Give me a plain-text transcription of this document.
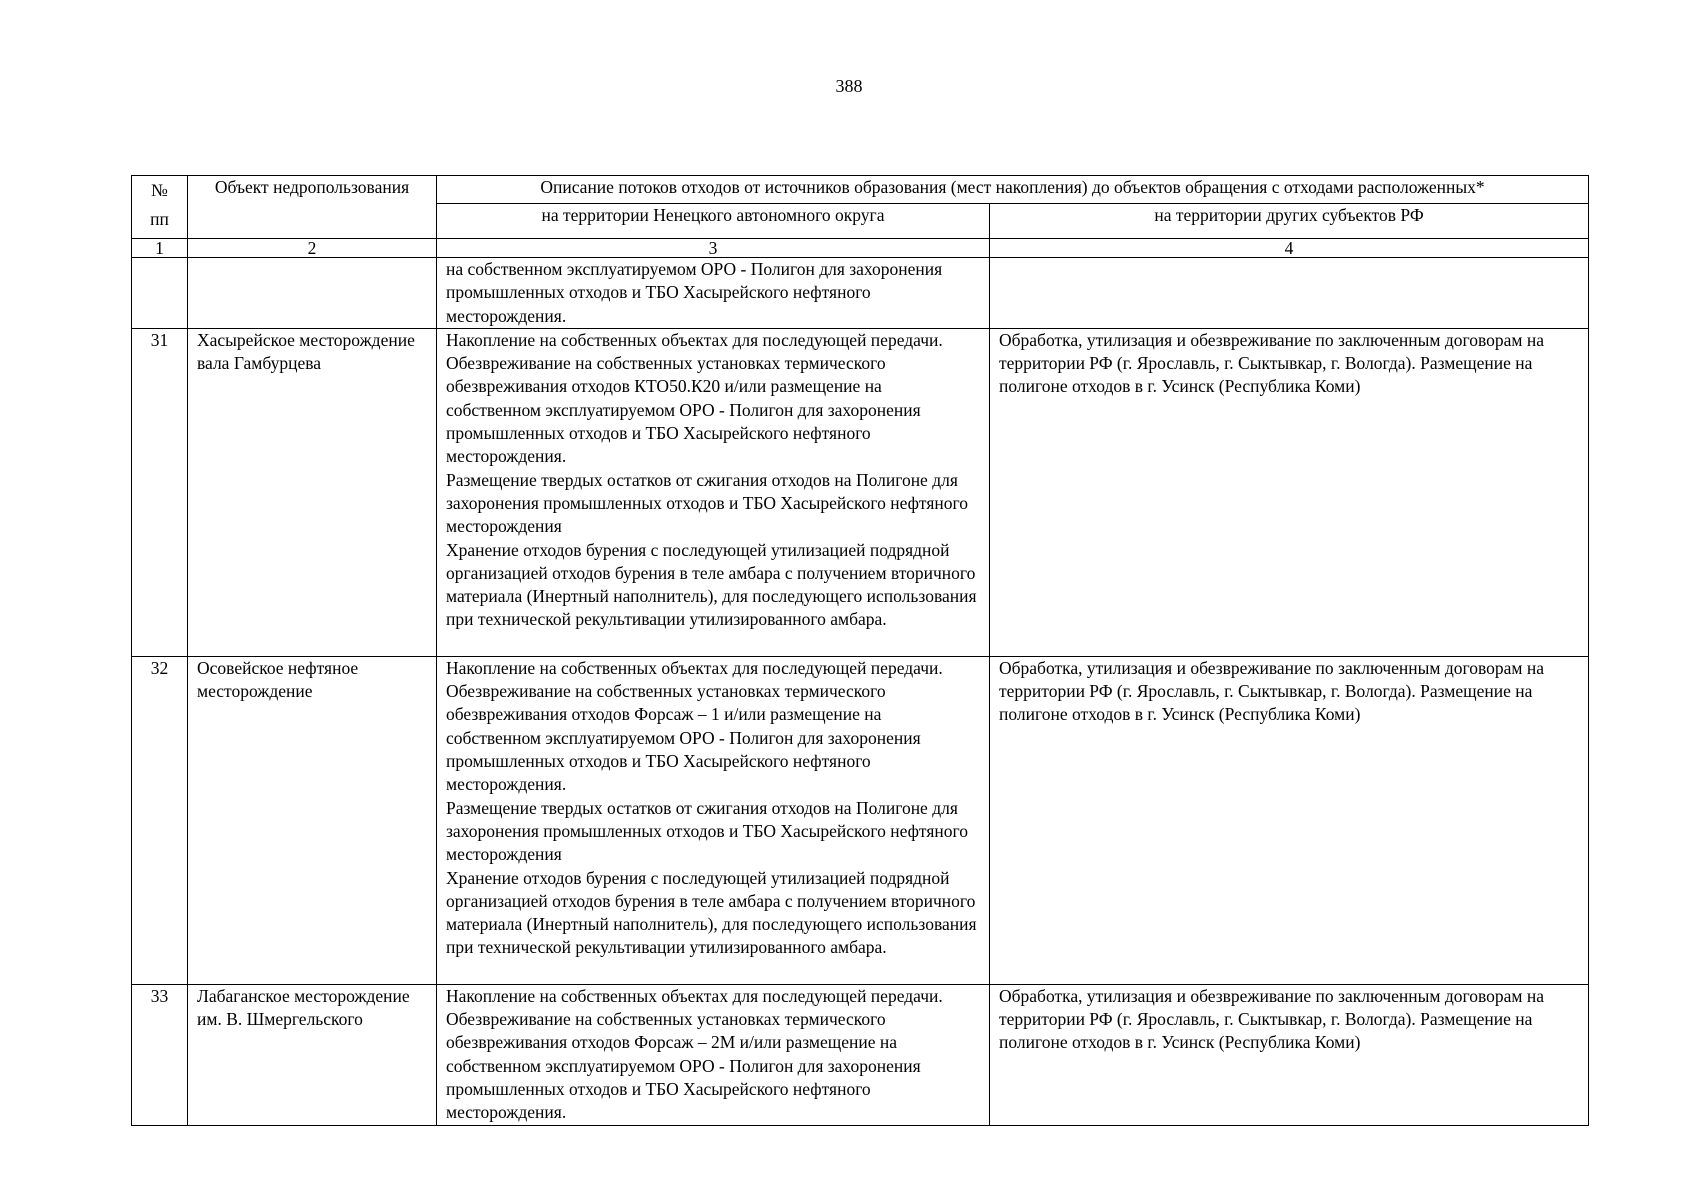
388
№
пп	Объект недропользования	Описание потоков отходов от источников образования (мест накопления) до объектов обращения с отходами расположенных*	
		на территории Ненецкого автономного округа	на территории других субъектов РФ
1	2	3	4

		на собственном эксплуатируемом ОРО - Полигон для захоронения промышленных отходов и ТБО Хасырейского нефтяного месторождения.	

31	Хасырейское месторождение вала Гамбурцева	Накопление на собственных объектах для последующей передачи. Обезвреживание на собственных установках термического обезвреживания отходов КТО50.К20 и/или размещение на собственном эксплуатируемом ОРО - Полигон для захоронения промышленных отходов и ТБО Хасырейского нефтяного месторождения.
Размещение твердых остатков от сжигания отходов на Полигоне для захоронения промышленных отходов и ТБО Хасырейского нефтяного месторождения
Хранение отходов бурения с последующей утилизацией подрядной организацией отходов бурения в теле амбара с получением вторичного материала (Инертный наполнитель), для последующего использования при технической рекультивации утилизированного амбара.	Обработка, утилизация и обезвреживание по заключенным договорам на территории РФ (г. Ярославль, г. Сыктывкар, г. Вологда). Размещение на полигоне отходов в г. Усинск (Республика Коми)
32	Осовейское нефтяное месторождение	Накопление на собственных объектах для последующей передачи. Обезвреживание на собственных установках термического обезвреживания отходов Форсаж – 1 и/или размещение на собственном эксплуатируемом ОРО - Полигон для захоронения промышленных отходов и ТБО Хасырейского нефтяного месторождения.
Размещение твердых остатков от сжигания отходов на Полигоне для захоронения промышленных отходов и ТБО Хасырейского нефтяного месторождения
Хранение отходов бурения с последующей утилизацией подрядной организацией отходов бурения в теле амбара с получением вторичного материала (Инертный наполнитель), для последующего использования при технической рекультивации утилизированного амбара.	Обработка, утилизация и обезвреживание по заключенным договорам на территории РФ (г. Ярославль, г. Сыктывкар, г. Вологда). Размещение на полигоне отходов в г. Усинск (Республика Коми)
33	Лабаганское месторождение им. В. Шмергельского	Накопление на собственных объектах для последующей передачи. Обезвреживание на собственных установках термического обезвреживания отходов Форсаж – 2М и/или размещение на собственном эксплуатируемом ОРО - Полигон для захоронения промышленных отходов и ТБО Хасырейского нефтяного месторождения.	Обработка, утилизация и обезвреживание по заключенным договорам на территории РФ (г. Ярославль, г. Сыктывкар, г. Вологда). Размещение на полигоне отходов в г. Усинск (Республика Коми)
